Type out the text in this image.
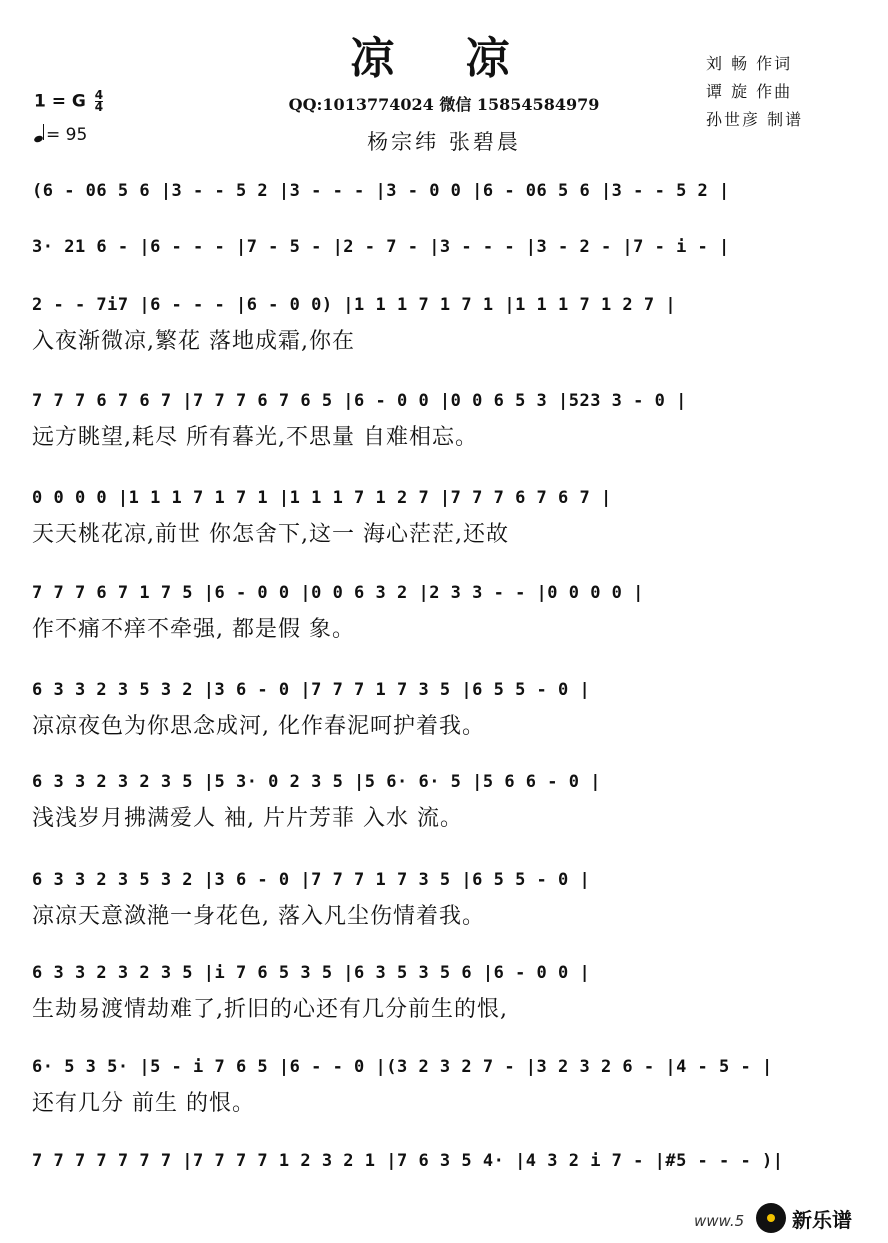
凉 凉
QQ:1013774024 微信 15854584979
杨宗纬 张碧晨
刘 畅 作词
谭 旋 作曲
孙世彦 制谱
1 = G $\frac{4}{4}$
= 95
(6 - 06 5 6 |3 - - 5 2 |3 - - - |3 - 0 0 |6 - 06 5 6 |3 - - 5 2 |
3· 21 6 - |6 - - - |7 - 5 - |2 - 7 - |3 - - - |3 - 2 - |7 - i - |
2 - - 7i7 |6 - - - |6 - 0 0) |1 1 1 7 1 7 1 |1 1 1 7 1 2 7 |
入夜渐微凉,繁花 落地成霜,你在
7 7 7 6 7 6 7 |7 7 7 6 7 6 5 |6 - 0 0 |0 0 6 5 3 |523 3 - 0 |
远方眺望,耗尽 所有暮光,不思量 自难相忘。
0 0 0 0 |1 1 1 7 1 7 1 |1 1 1 7 1 2 7 |7 7 7 6 7 6 7 |
天天桃花凉,前世 你怎舍下,这一 海心茫茫,还故
7 7 7 6 7 1 7 5 |6 - 0 0 |0 0 6 3 2 |2 3 3 - - |0 0 0 0 |
作不痛不痒不牵强, 都是假 象。
6 3 3 2 3 5 3 2 |3 6 - 0 |7 7 7 1 7 3 5 |6 5 5 - 0 |
凉凉夜色为你思念成河, 化作春泥呵护着我。
6 3 3 2 3 2 3 5 |5 3· 0 2 3 5 |5 6· 6· 5 |5 6 6 - 0 |
浅浅岁月拂满爱人 袖, 片片芳菲 入水 流。
6 3 3 2 3 5 3 2 |3 6 - 0 |7 7 7 1 7 3 5 |6 5 5 - 0 |
凉凉天意潋滟一身花色, 落入凡尘伤情着我。
6 3 3 2 3 2 3 5 |i 7 6 5 3 5 |6 3 5 3 5 6 |6 - 0 0 |
生劫易渡情劫难了,折旧的心还有几分前生的恨,
6· 5 3 5· |5 - i 7 6 5 |6 - - 0 |(3 2 3 2 7 - |3 2 3 2 6 - |4 - 5 - |
还有几分 前生 的恨。
7 7 7 7 7 7 7 |7 7 7 7 1 2 3 2 1 |7 6 3 5 4· |4 3 2 i 7 - |#5 - - - )|
www.5 新乐谱
